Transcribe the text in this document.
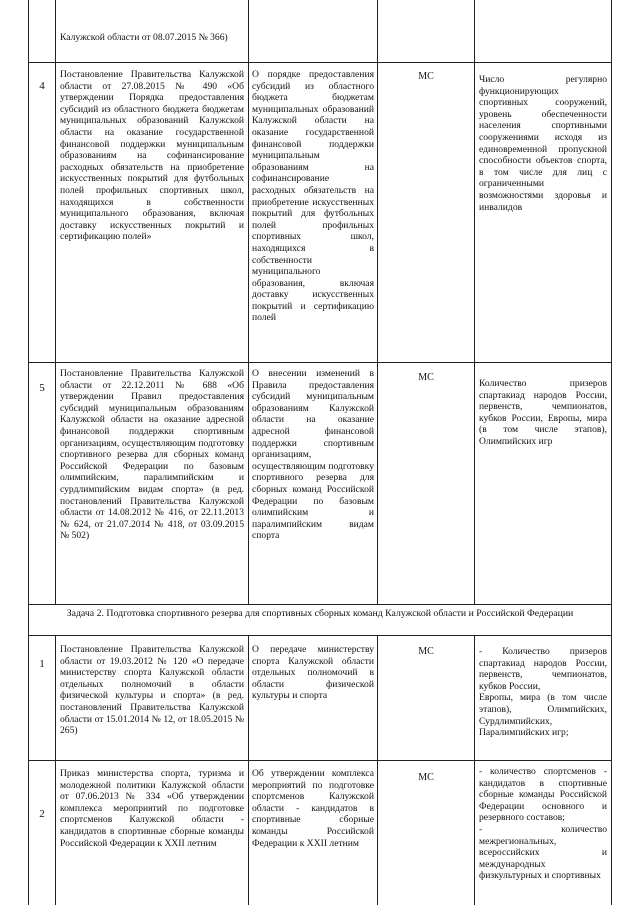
Калужской области от 08.07.2015 № 366)
4
Постановление Правительства Калужской области от 27.08.2015 № 490 «Об утверждении Порядка предоставления субсидий из областного бюджета бюджетам муниципальных образований Калужской области на оказание государственной финансовой поддержки муниципальным образованиям на софинансирование расходных обязательств на приобретение искусственных покрытий для футбольных полей профильных спортивных школ, находящихся в собственности муниципального образования, включая доставку искусственных покрытий и сертификацию полей»
О порядке предоставления субсидий из областного бюджета бюджетам муниципальных образований Калужской области на оказание государственной финансовой поддержки муниципальным образованиям на софинансирование расходных обязательств на приобретение искусственных покрытий для футбольных полей профильных спортивных школ, находящихся в собственности муниципального образования, включая доставку искусственных покрытий и сертификацию полей
МС	Число регулярно функционирующих спортивных сооружений, уровень обеспеченности населения спортивными сооружениями исходя из единовременной пропускной способности объектов спорта, в том числе для лиц с ограниченными возможностями здоровья и инвалидов
5
Постановление Правительства Калужской области от 22.12.2011 № 688 «Об утверждении Правил предоставления субсидий муниципальным образованиям Калужской области на оказание адресной финансовой поддержки спортивным организациям, осуществляющим подготовку спортивного резерва для сборных команд Российской Федерации по базовым олимпийским, паралимпийским и сурдлимпийским видам спорта» (в ред. постановлений Правительства Калужской области от 14.08.2012 № 416, от 22.11.2013 № 624, от 21.07.2014 № 418, от 03.09.2015 № 502)
О внесении изменений в Правила предоставления субсидий муниципальным образованиям Калужской области на оказание адресной финансовой поддержки спортивным организациям, осуществляющим подготовку спортивного резерва для сборных команд Российской Федерации по базовым олимпийским и паралимпийским видам спорта
МС
Количество призеров спартакиад народов России, первенств, чемпионатов, кубков России, Европы, мира (в том числе этапов), Олимпийских игр
Задача 2. Подготовка спортивного резерва для спортивных сборных команд Калужской области и Российской Федерации
1
Постановление Правительства Калужской области от 19.03.2012 № 120 «О передаче министерству спорта Калужской области отдельных полномочий в области физической культуры и спорта» (в ред. постановлений Правительства Калужской области от 15.01.2014 № 12, от 18.05.2015 № 265)
О передаче министерству спорта Калужской области отдельных полномочий в области физической культуры и спорта
МС	- Количество призеров спартакиад народов России, первенств, чемпионатов, кубков России,
Европы, мира (в том числе этапов), Олимпийских, Сурдлимпийских, Паралимпийских игр;
2
Приказ министерства спорта, туризма и молодежной политики Калужской области от 07.06.2013 № 334 «Об утверждении комплекса мероприятий по подготовке спортсменов Калужской области - кандидатов в спортивные сборные команды Российской Федерации к XXII летним
Об утверждении комплекса мероприятий по подготовке спортсменов Калужской области - кандидатов в спортивные сборные команды Российской Федерации к XXII летним
МС
- количество спортсменов - кандидатов в спортивные сборные команды Российской Федерации основного и резервного составов;
- количество межрегиональных, всероссийских и международных физкультурных и спортивных
